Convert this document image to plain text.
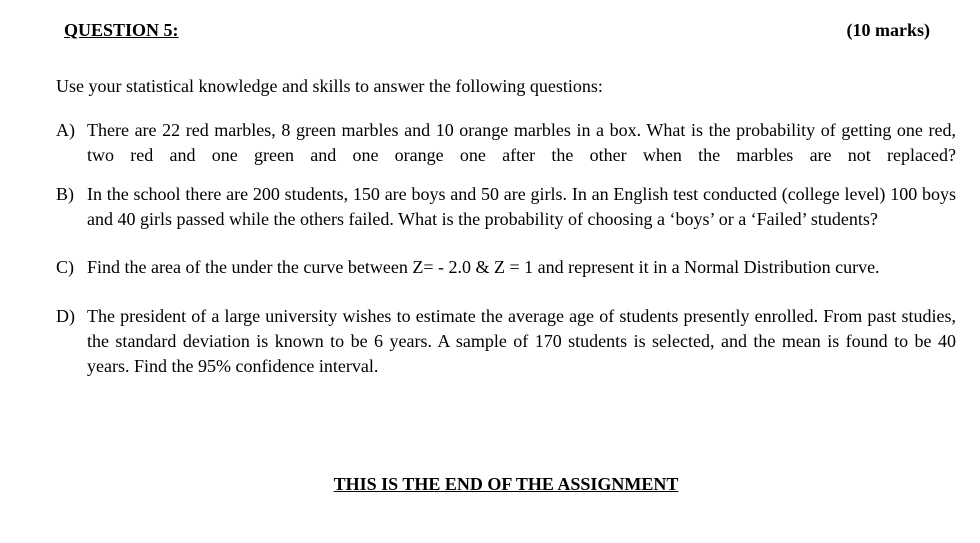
QUESTION 5:	(10 marks)
Use your statistical knowledge and skills to answer the following questions:
A) There are 22 red marbles, 8 green marbles and 10 orange marbles in a box. What is the probability of getting one red, two red and one green and one orange one after the other when the marbles are not replaced?
B) In the school there are 200 students, 150 are boys and 50 are girls. In an English test conducted (college level) 100 boys and 40 girls passed while the others failed. What is the probability of choosing a ‘boys’ or a ‘Failed’ students?
C) Find the area of the under the curve between Z= - 2.0 & Z = 1 and represent it in a Normal Distribution curve.
D) The president of a large university wishes to estimate the average age of students presently enrolled. From past studies, the standard deviation is known to be 6 years. A sample of 170 students is selected, and the mean is found to be 40 years. Find the 95% confidence interval.
THIS IS THE END OF THE ASSIGNMENT
